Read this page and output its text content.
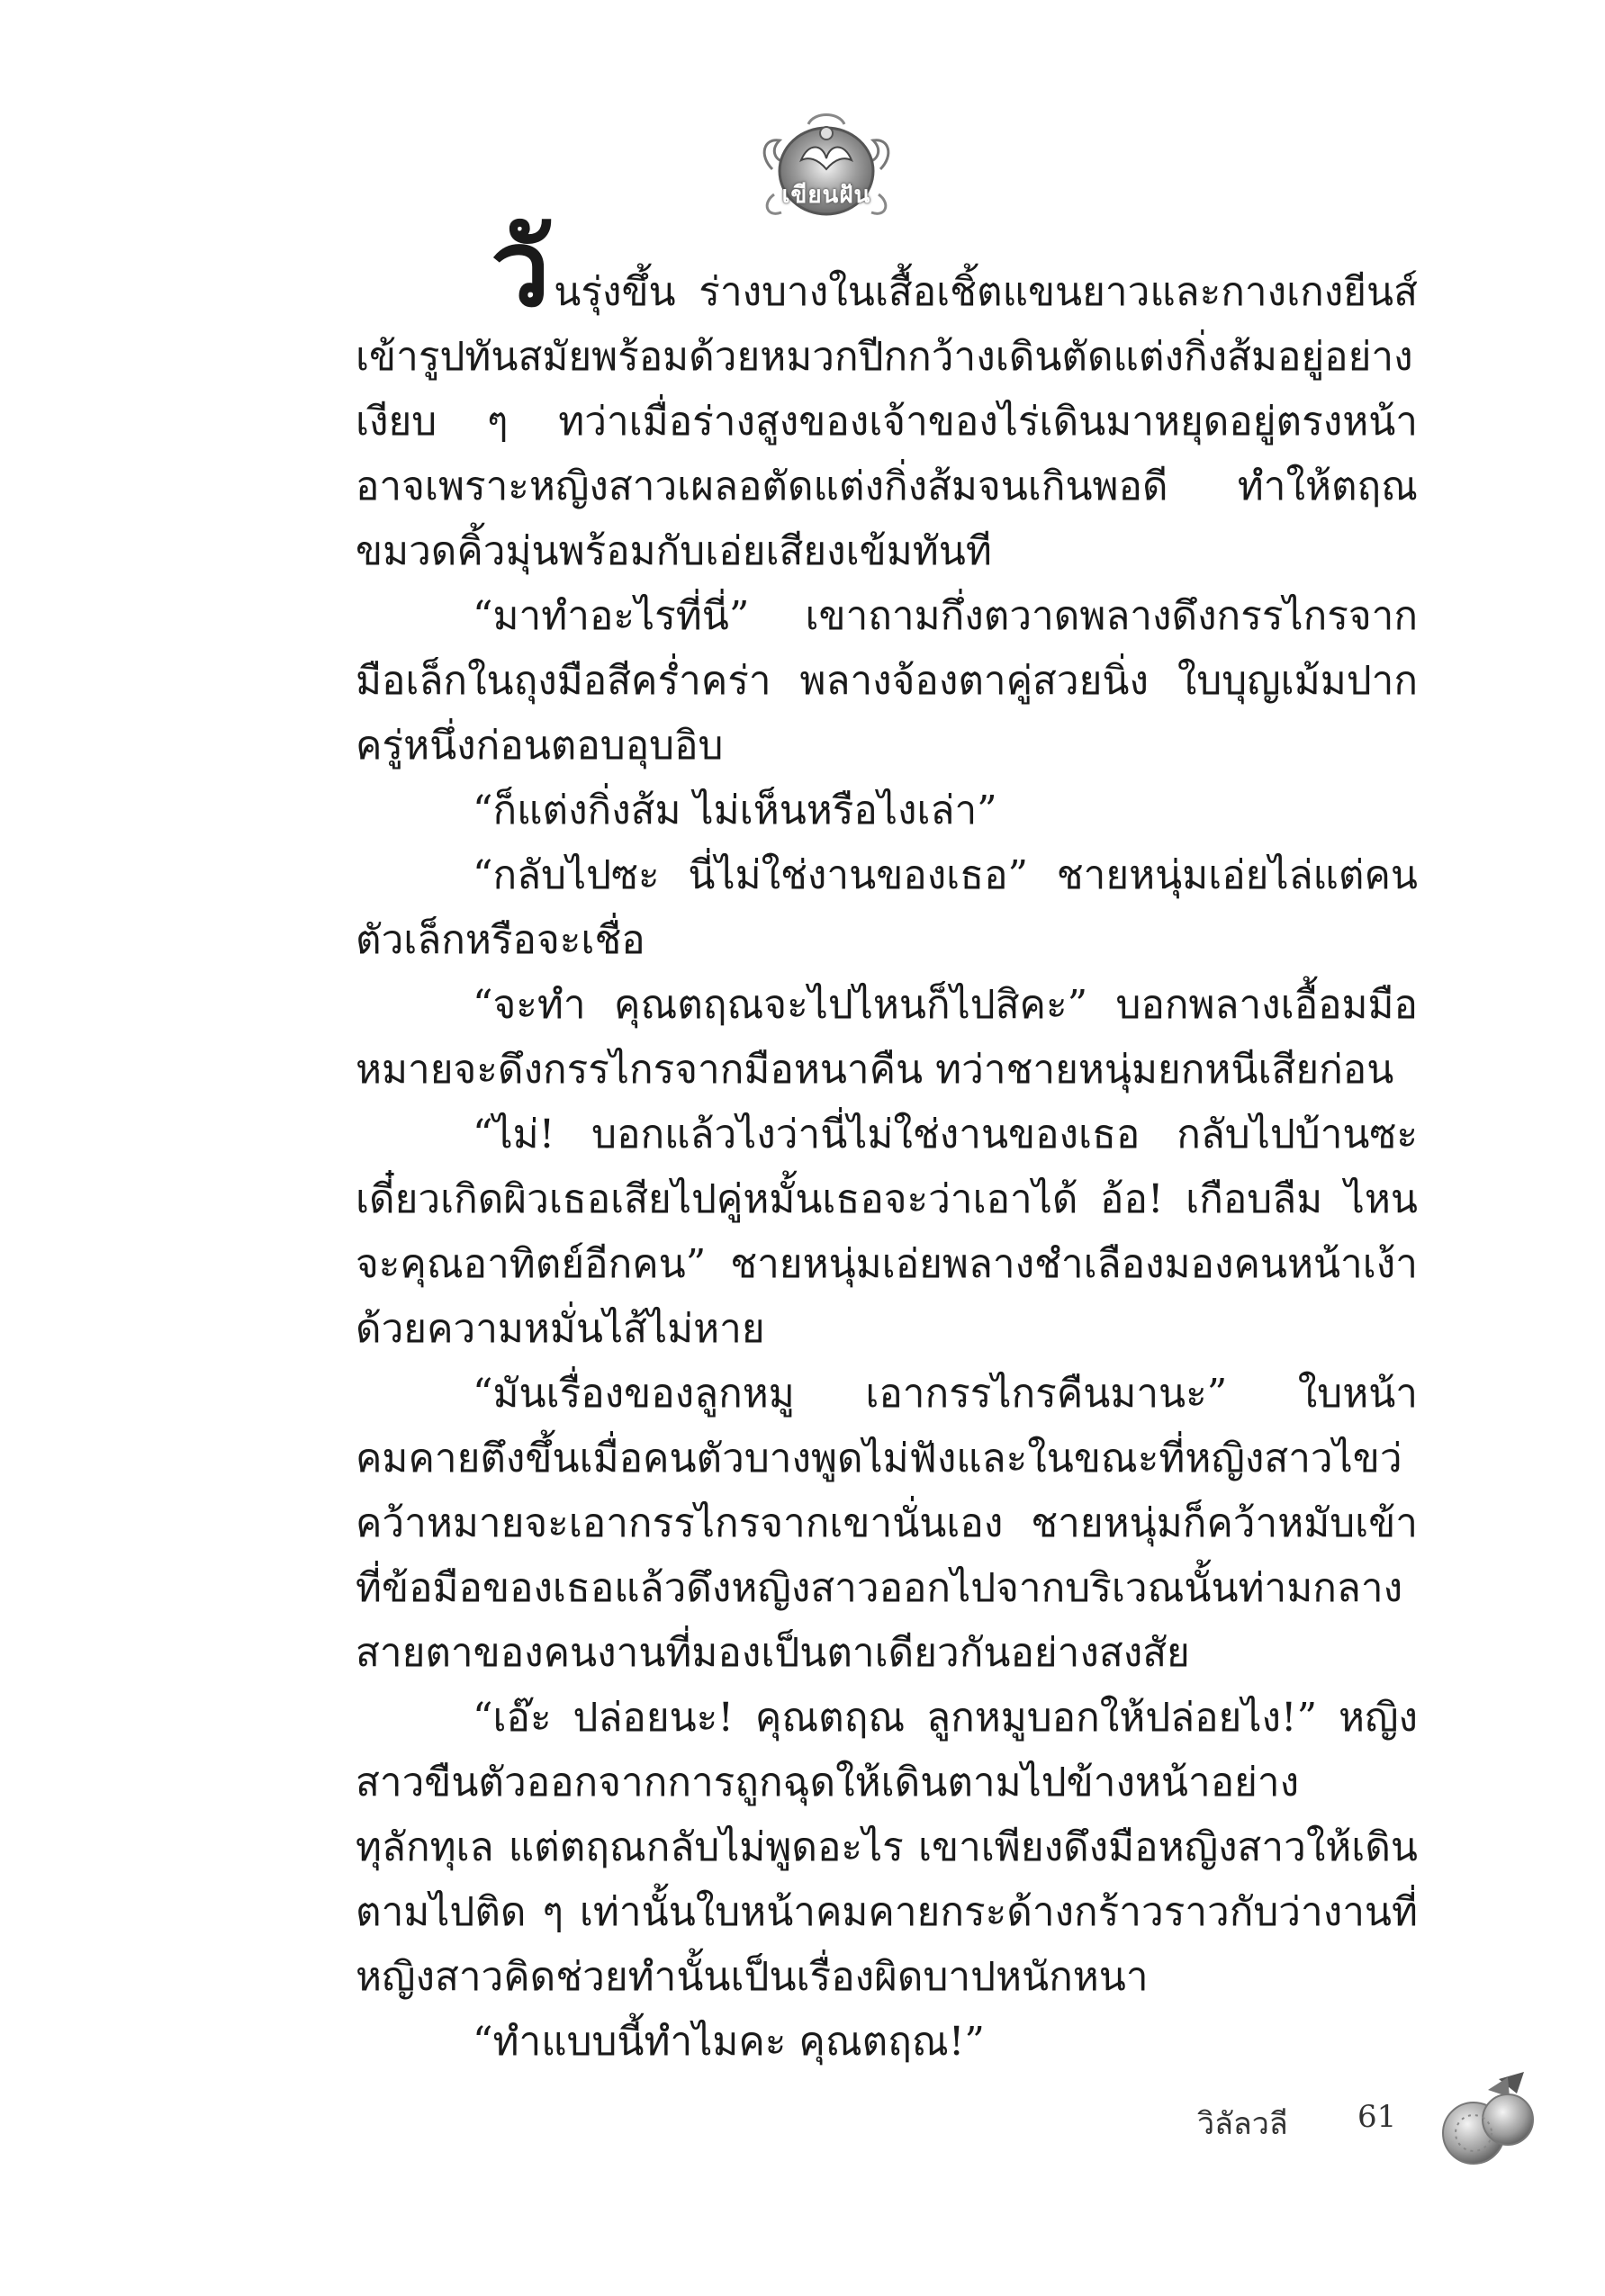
เขียนฝัน

วันรุ่งขึ้น ร่างบางในเสื้อเชิ้ตแขนยาวและกางเกงยีนส์เข้ารูปทันสมัยพร้อมด้วยหมวกปีกกว้างเดินตัดแต่งกิ่งส้มอยู่อย่างเงียบ ๆ ทว่าเมื่อร่างสูงของเจ้าของไร่เดินมาหยุดอยู่ตรงหน้า อาจเพราะหญิงสาวเผลอตัดแต่งกิ่งส้มจนเกินพอดี ทำให้ตฤณขมวดคิ้วมุ่นพร้อมกับเอ่ยเสียงเข้มทันที

“มาทำอะไรที่นี่” เขาถามกึ่งตวาดพลางดึงกรรไกรจากมือเล็กในถุงมือสีคร่ำคร่า พลางจ้องตาคู่สวยนิ่ง ใบบุญเม้มปากครู่หนึ่งก่อนตอบอุบอิบ

“ก็แต่งกิ่งส้ม ไม่เห็นหรือไงเล่า”

“กลับไปซะ นี่ไม่ใช่งานของเธอ” ชายหนุ่มเอ่ยไล่แต่คนตัวเล็กหรือจะเชื่อ

“จะทำ คุณตฤณจะไปไหนก็ไปสิคะ” บอกพลางเอื้อมมือหมายจะดึงกรรไกรจากมือหนาคืน ทว่าชายหนุ่มยกหนีเสียก่อน

“ไม่! บอกแล้วไงว่านี่ไม่ใช่งานของเธอ กลับไปบ้านซะเดี๋ยวเกิดผิวเธอเสียไปคู่หมั้นเธอจะว่าเอาได้ อ้อ! เกือบลืม ไหนจะคุณอาทิตย์อีกคน” ชายหนุ่มเอ่ยพลางชำเลืองมองคนหน้าเง้าด้วยความหมั่นไส้ไม่หาย

“มันเรื่องของลูกหมู เอากรรไกรคืนมานะ” ใบหน้าคมคายตึงขึ้นเมื่อคนตัวบางพูดไม่ฟังและในขณะที่หญิงสาวไขว่คว้าหมายจะเอากรรไกรจากเขานั่นเอง ชายหนุ่มก็คว้าหมับเข้าที่ข้อมือของเธอแล้วดึงหญิงสาวออกไปจากบริเวณนั้นท่ามกลางสายตาของคนงานที่มองเป็นตาเดียวกันอย่างสงสัย

“เอ๊ะ ปล่อยนะ! คุณตฤณ ลูกหมูบอกให้ปล่อยไง!” หญิงสาวขืนตัวออกจากการถูกฉุดให้เดินตามไปข้างหน้าอย่างทุลักทุเล แต่ตฤณกลับไม่พูดอะไร เขาเพียงดึงมือหญิงสาวให้เดินตามไปติด ๆ เท่านั้นใบหน้าคมคายกระด้างกร้าวราวกับว่างานที่หญิงสาวคิดช่วยทำนั้นเป็นเรื่องผิดบาปหนักหนา

“ทำแบบนี้ทำไมคะ คุณตฤณ!”

วิลัลวลี 61
